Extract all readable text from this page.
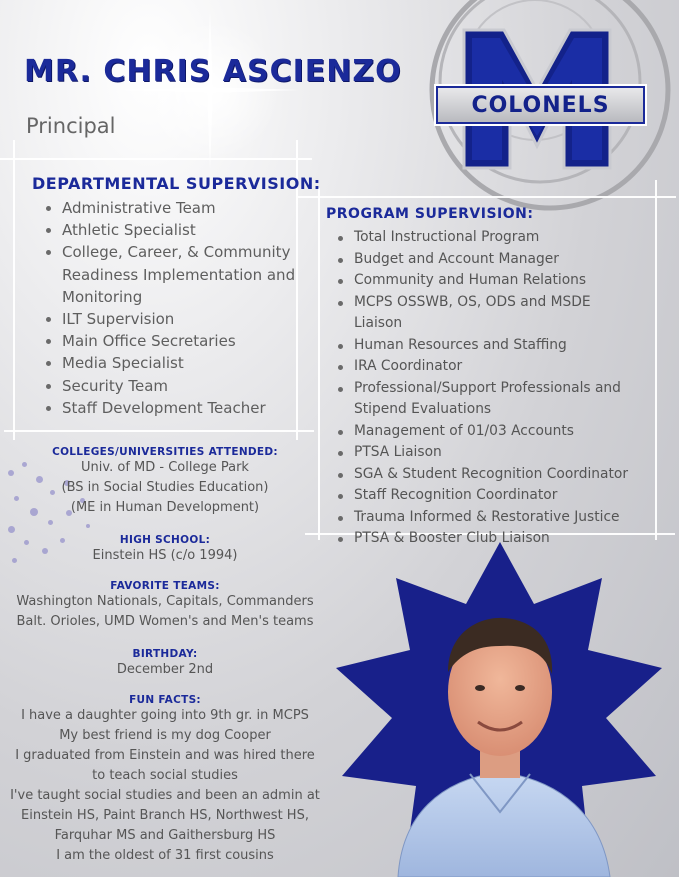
MR. CHRIS ASCIENZO
Principal
COLONELS
DEPARTMENTAL SUPERVISION:
Administrative Team
Athletic Specialist
College, Career, & Community Readiness Implementation and Monitoring
ILT Supervision
Main Office Secretaries
Media Specialist
Security Team
Staff Development Teacher
PROGRAM SUPERVISION:
Total Instructional Program
Budget and Account Manager
Community and Human Relations
MCPS OSSWB, OS, ODS and MSDE Liaison
Human Resources and Staffing
IRA Coordinator
Professional/Support Professionals and Stipend Evaluations
Management of 01/03 Accounts
PTSA Liaison
SGA & Student Recognition Coordinator
Staff Recognition Coordinator
Trauma Informed & Restorative Justice
PTSA & Booster Club Liaison
COLLEGES/UNIVERSITIES ATTENDED:
Univ. of MD - College Park
(BS in Social Studies Education)
(ME in Human Development)
HIGH SCHOOL:
Einstein HS (c/o 1994)
FAVORITE TEAMS:
Washington Nationals, Capitals, Commanders
Balt. Orioles, UMD Women's and Men's teams
BIRTHDAY:
December 2nd
FUN FACTS:
I have a daughter going into 9th gr. in MCPS
My best friend is my dog Cooper
I graduated from Einstein and was hired there
to teach social studies
I've taught social studies and been an admin at
Einstein HS, Paint Branch HS, Northwest HS,
Farquhar MS and Gaithersburg HS
I am the oldest of 31 first cousins
